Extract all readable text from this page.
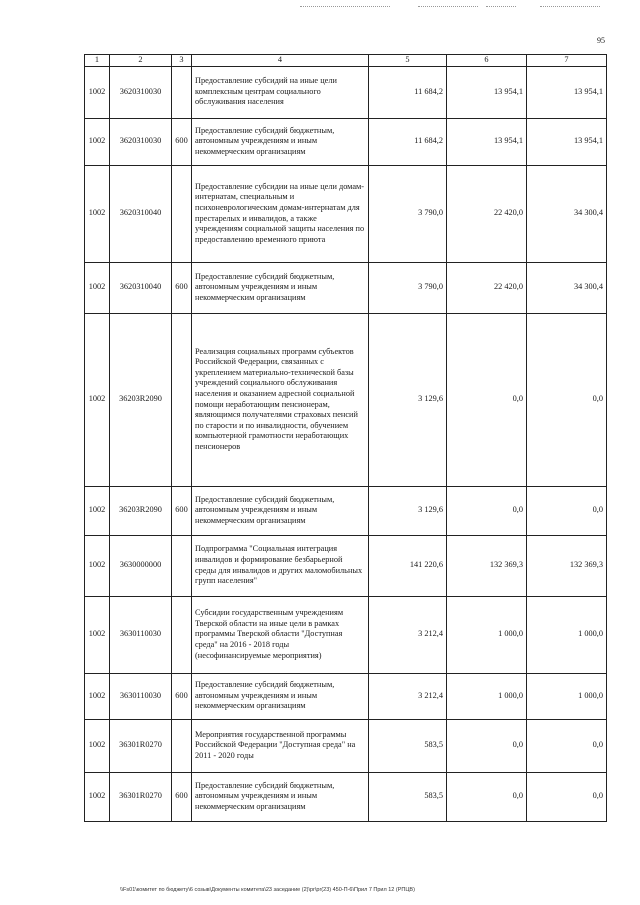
95
1	2	3	4	5	6	7
1002	3620310030		Предоставление субсидий на иные цели комплексным центрам социального обслуживания населения	11 684,2	13 954,1	13 954,1
1002	3620310030	600	Предоставление субсидий бюджетным, автономным учреждениям и иным некоммерческим организациям	11 684,2	13 954,1	13 954,1
1002	3620310040		Предоставление субсидии на иные цели домам-интернатам, специальным и психоневрологическим домам-интернатам для престарелых и инвалидов, а также учреждениям социальной защиты населения по предоставлению временного приюта	3 790,0	22 420,0	34 300,4
1002	3620310040	600	Предоставление субсидий бюджетным, автономным учреждениям и иным некоммерческим организациям	3 790,0	22 420,0	34 300,4
1002	36203R2090		Реализация социальных программ субъектов Российской Федерации, связанных с укреплением материально-технической базы учреждений социального обслуживания населения и оказанием адресной социальной помощи неработающим пенсионерам, являющимся получателями страховых пенсий по старости и по инвалидности, обучением компьютерной грамотности неработающих пенсионеров	3 129,6	0,0	0,0
1002	36203R2090	600	Предоставление субсидий бюджетным, автономным учреждениям и иным некоммерческим организациям	3 129,6	0,0	0,0
1002	3630000000		Подпрограмма "Социальная интеграция инвалидов и формирование безбарьерной среды для инвалидов и других маломобильных групп населения"	141 220,6	132 369,3	132 369,3
1002	3630110030		Субсидии государственным учреждениям Тверской области на иные цели в рамках программы Тверской области "Доступная среда" на 2016 - 2018 годы (несофинансируемые мероприятия)	3 212,4	1 000,0	1 000,0
1002	3630110030	600	Предоставление субсидий бюджетным, автономным учреждениям и иным некоммерческим организациям	3 212,4	1 000,0	1 000,0
1002	36301R0270		Мероприятия государственной программы Российской Федерации "Доступная среда" на 2011 - 2020 годы	583,5	0,0	0,0
1002	36301R0270	600	Предоставление субсидий бюджетным, автономным учреждениям и иным некоммерческим организациям	583,5	0,0	0,0
\\Fs01\комитет по бюджету\6 созыв\Документы комитета\23 заседание (2)\pr\pr(23) 450-П-6\Прил 7 Прил 12 (РПЦВ)
